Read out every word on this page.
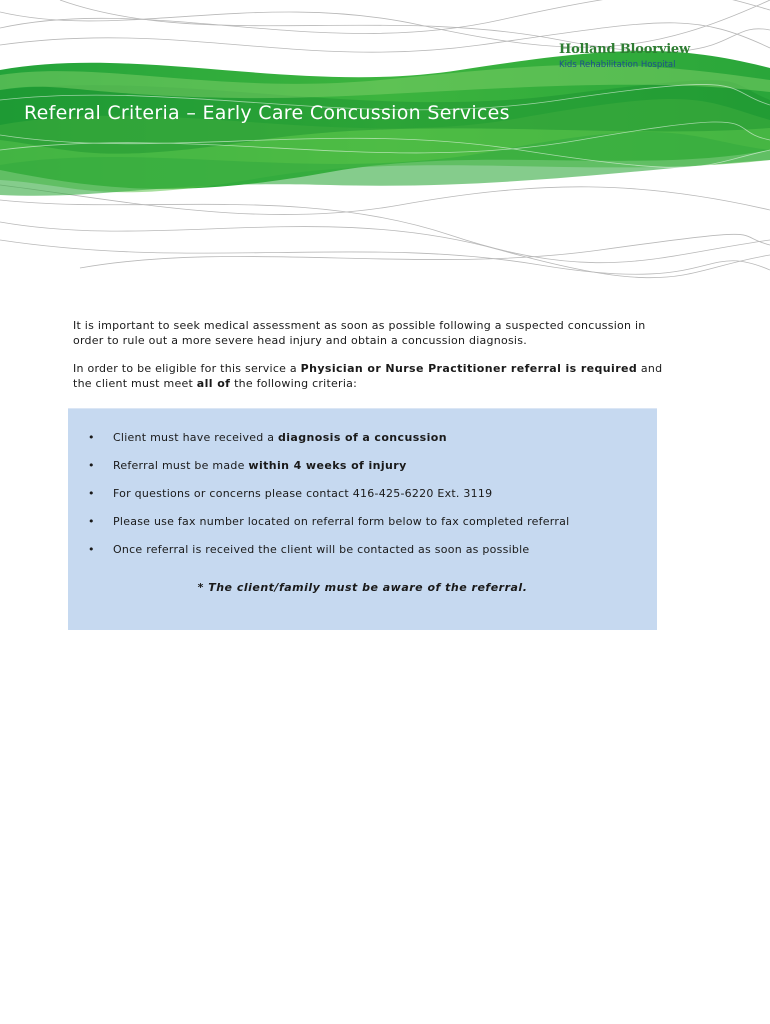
Holland Bloorview
Kids Rehabilitation Hospital
Referral Criteria – Early Care Concussion Services

It is important to seek medical assessment as soon as possible following a suspected concussion in order to rule out a more severe head injury and obtain a concussion diagnosis.

In order to be eligible for this service a Physician or Nurse Practitioner referral is required and the client must meet all of the following criteria:

• Client must have received a diagnosis of a concussion
• Referral must be made within 4 weeks of injury
• For questions or concerns please contact 416-425-6220 Ext. 3119
• Please use fax number located on referral form below to fax completed referral
• Once referral is received the client will be contacted as soon as possible
* The client/family must be aware of the referral.
